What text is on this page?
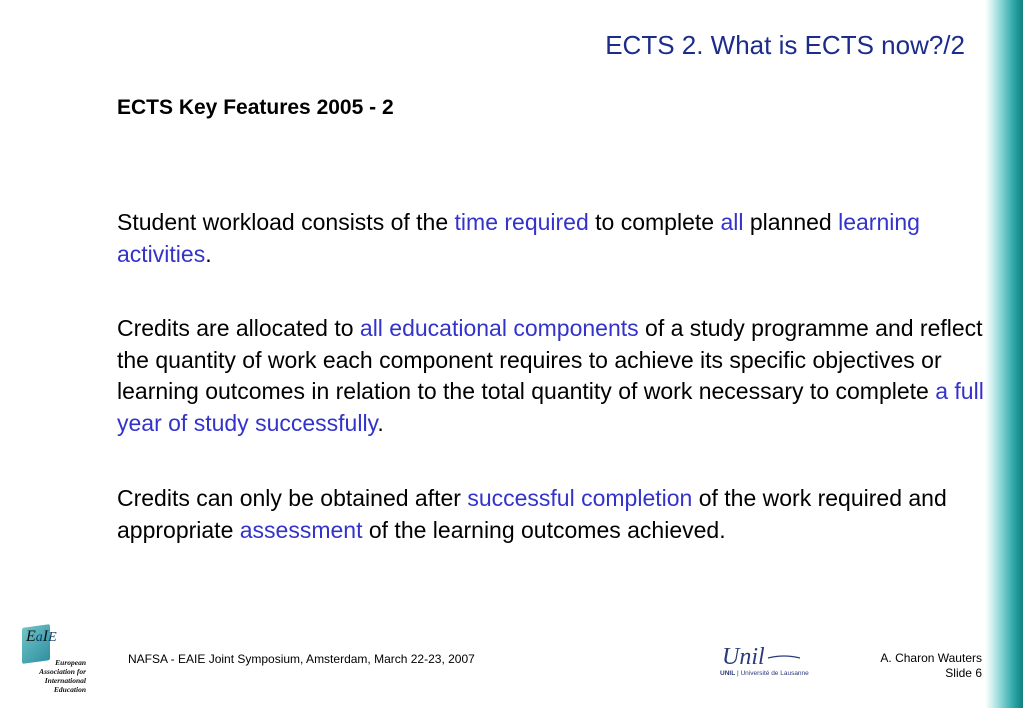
ECTS 2. What is ECTS now?/2
ECTS Key Features 2005 - 2

Student workload consists of the time required to complete all planned learning activities.

Credits are allocated to all educational components of a study programme and reflect the quantity of work each component requires to achieve its specific objectives or learning outcomes in relation to the total quantity of work necessary to complete a full year of study successfully.

Credits can only be obtained after successful completion of the work required and appropriate assessment of the learning outcomes achieved.

EaIE
European
Association for
International
Education
NAFSA - EAIE Joint Symposium, Amsterdam, March 22-23, 2007	Unil
UNIL | Université de Lausanne
A. Charon Wauters
Slide 6
